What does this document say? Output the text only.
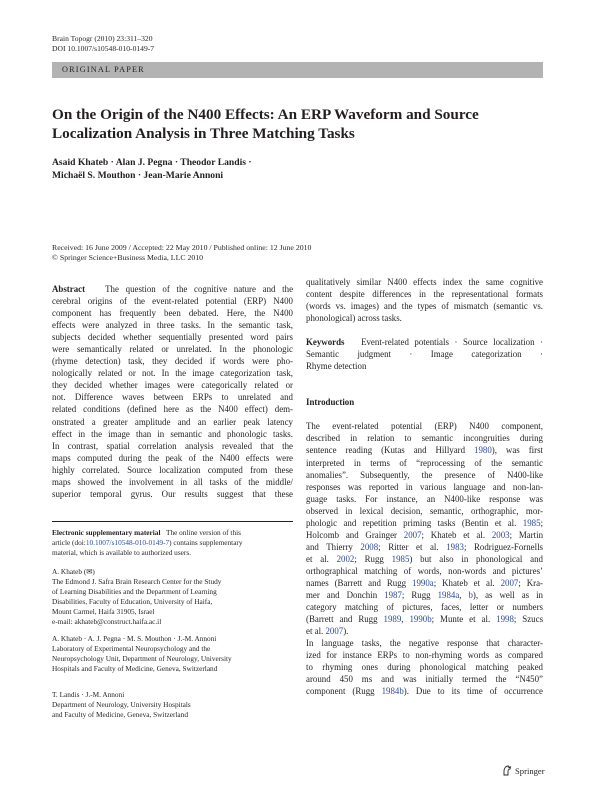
Brain Topogr (2010) 23:311–320
DOI 10.1007/s10548-010-0149-7
ORIGINAL PAPER
On the Origin of the N400 Effects: An ERP Waveform and Source
Localization Analysis in Three Matching Tasks
Asaid Khateb · Alan J. Pegna · Theodor Landis ·
Michaël S. Mouthon · Jean-Marie Annoni
Received: 16 June 2009 / Accepted: 22 May 2010 / Published online: 12 June 2010
© Springer Science+Business Media, LLC 2010
Abstract The question of the cognitive nature and the
cerebral origins of the event-related potential (ERP) N400
component has frequently been debated. Here, the N400
effects were analyzed in three tasks. In the semantic task,
subjects decided whether sequentially presented word pairs
were semantically related or unrelated. In the phonologic
(rhyme detection) task, they decided if words were pho-
nologically related or not. In the image categorization task,
they decided whether images were categorically related or
not. Difference waves between ERPs to unrelated and
related conditions (defined here as the N400 effect) dem-
onstrated a greater amplitude and an earlier peak latency
effect in the image than in semantic and phonologic tasks.
In contrast, spatial correlation analysis revealed that the
maps computed during the peak of the N400 effects were
highly correlated. Source localization computed from these
maps showed the involvement in all tasks of the middle/
superior temporal gyrus. Our results suggest that these
qualitatively similar N400 effects index the same cognitive
content despite differences in the representational formats
(words vs. images) and the types of mismatch (semantic vs.
phonological) across tasks.
Keywords Event-related potentials · Source localization ·
Semantic judgment · Image categorization ·
Rhyme detection
Introduction
The event-related potential (ERP) N400 component,
described in relation to semantic incongruities during
sentence reading (Kutas and Hillyard 1980), was first
interpreted in terms of “reprocessing of the semantic
anomalies”. Subsequently, the presence of N400-like
responses was reported in various language and non-lan-
guage tasks. For instance, an N400-like response was
observed in lexical decision, semantic, orthographic, mor-
phologic and repetition priming tasks (Bentin et al. 1985;
Holcomb and Grainger 2007; Khateb et al. 2003; Martin
and Thierry 2008; Ritter et al. 1983; Rodriguez-Fornells
et al. 2002; Rugg 1985) but also in phonological and
orthographical matching of words, non-words and pictures’
names (Barrett and Rugg 1990a; Khateb et al. 2007; Kra-
mer and Donchin 1987; Rugg 1984a, b), as well as in
category matching of pictures, faces, letter or numbers
(Barrett and Rugg 1989, 1990b; Munte et al. 1998; Szucs
et al. 2007).
In language tasks, the negative response that character-
ized for instance ERPs to non-rhyming words as compared
to rhyming ones during phonological matching peaked
around 450 ms and was initially termed the “N450”
component (Rugg 1984b). Due to its time of occurrence
Electronic supplementary material The online version of this
article (doi:10.1007/s10548-010-0149-7) contains supplementary
material, which is available to authorized users.
A. Khateb (✉)
The Edmond J. Safra Brain Research Center for the Study
of Learning Disabilities and the Department of Learning
Disabilities, Faculty of Education, University of Haifa,
Mount Carmel, Haifa 31905, Israel
e-mail: akhateb@construct.haifa.ac.il
A. Khateb · A. J. Pegna · M. S. Mouthon · J.-M. Annoni
Laboratory of Experimental Neuropsychology and the
Neuropsychology Unit, Department of Neurology, University
Hospitals and Faculty of Medicine, Geneva, Switzerland
T. Landis · J.-M. Annoni
Department of Neurology, University Hospitals
and Faculty of Medicine, Geneva, Switzerland
Springer
